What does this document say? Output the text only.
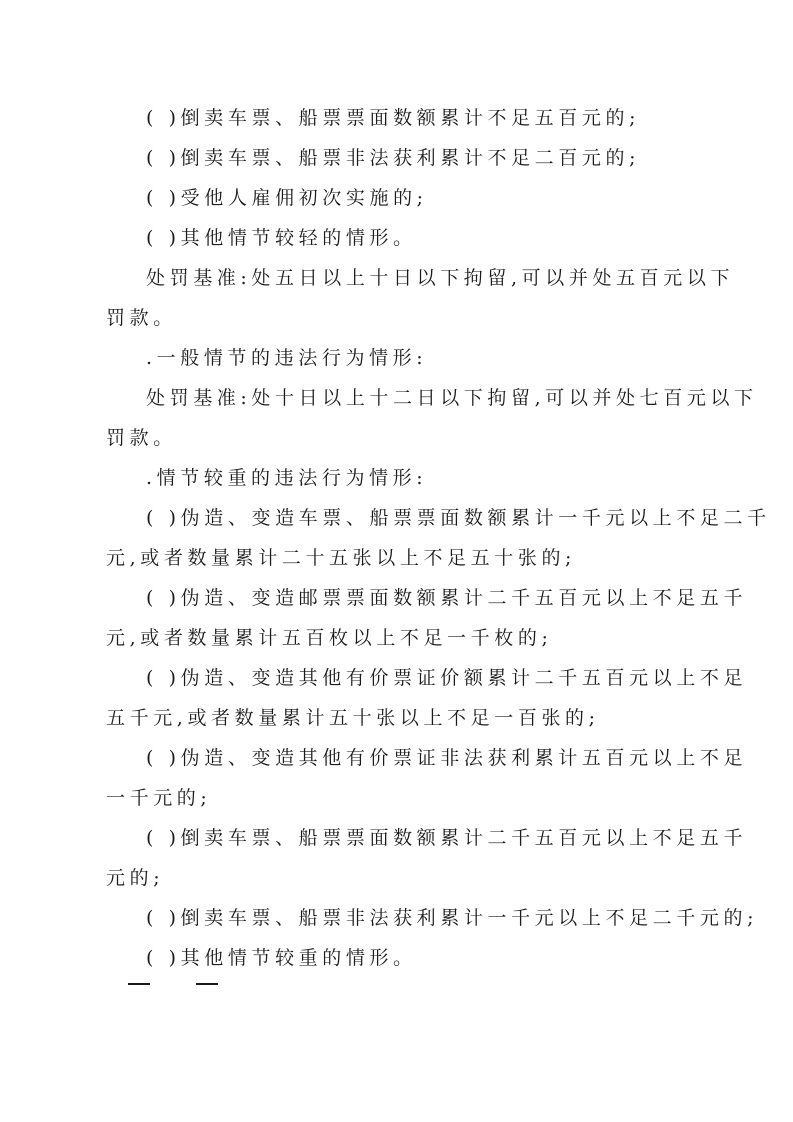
( )倒卖车票、船票票面数额累计不足五百元的;
( )倒卖车票、船票非法获利累计不足二百元的;
( )受他人雇佣初次实施的;
( )其他情节较轻的情形。
处罚基准:处五日以上十日以下拘留,可以并处五百元以下
罚款。
.一般情节的违法行为情形:
处罚基准:处十日以上十二日以下拘留,可以并处七百元以下
罚款。
.情节较重的违法行为情形:
( )伪造、变造车票、船票票面数额累计一千元以上不足二千
元,或者数量累计二十五张以上不足五十张的;
( )伪造、变造邮票票面数额累计二千五百元以上不足五千
元,或者数量累计五百枚以上不足一千枚的;
( )伪造、变造其他有价票证价额累计二千五百元以上不足
五千元,或者数量累计五十张以上不足一百张的;
( )伪造、变造其他有价票证非法获利累计五百元以上不足
一千元的;
( )倒卖车票、船票票面数额累计二千五百元以上不足五千
元的;
( )倒卖车票、船票非法获利累计一千元以上不足二千元的;
( )其他情节较重的情形。
